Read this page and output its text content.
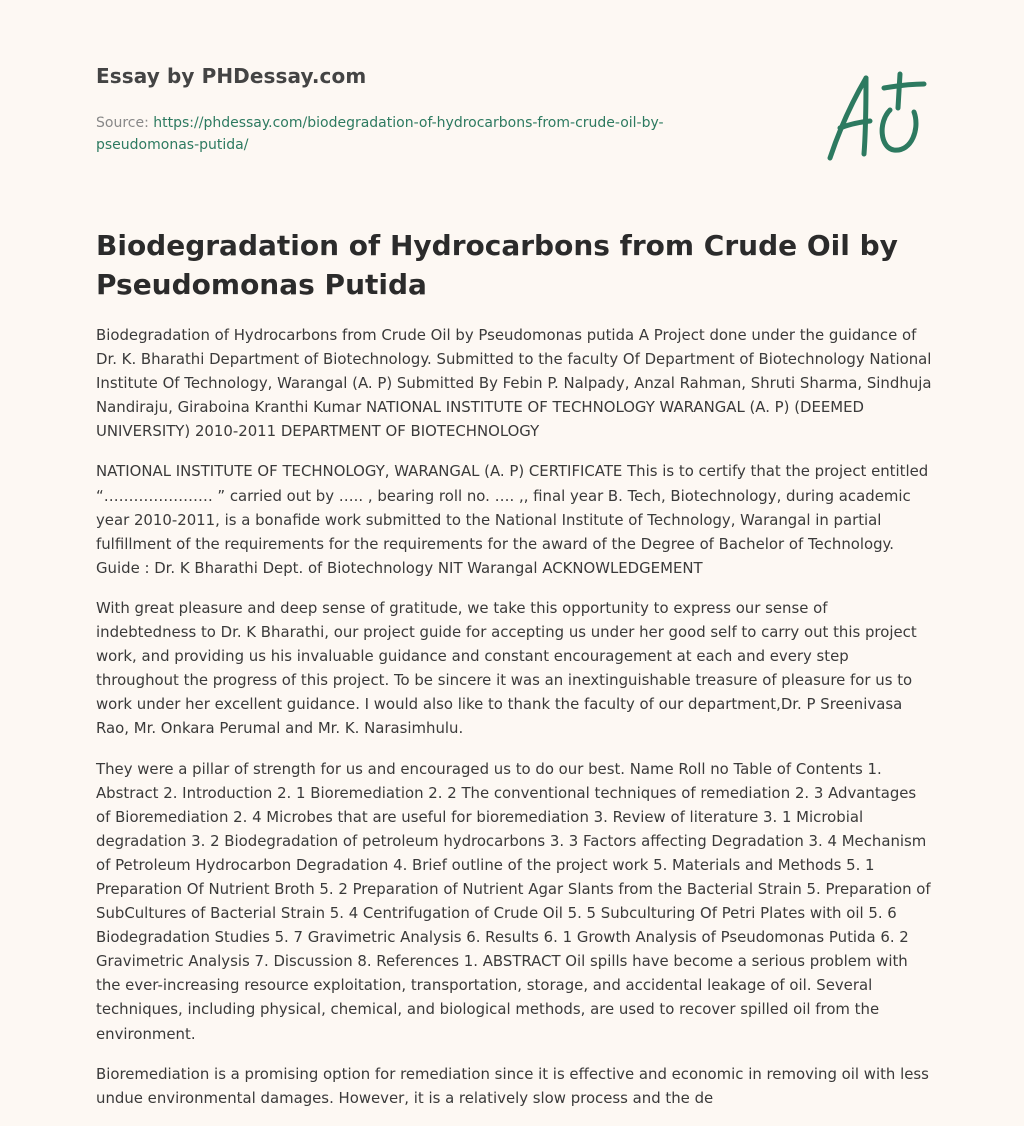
Essay by PHDessay.com

Source: https://phdessay.com/biodegradation-of-hydrocarbons-from-crude-oil-by-
pseudomonas-putida/
Biodegradation of Hydrocarbons from Crude Oil by Pseudomonas Putida

Biodegradation of Hydrocarbons from Crude Oil by Pseudomonas putida A Project done under the guidance of Dr. K. Bharathi Department of Biotechnology. Submitted to the faculty Of Department of Biotechnology National Institute Of Technology, Warangal (A. P) Submitted By Febin P. Nalpady, Anzal Rahman, Shruti Sharma, Sindhuja Nandiraju, Giraboina Kranthi Kumar NATIONAL INSTITUTE OF TECHNOLOGY WARANGAL (A. P) (DEEMED UNIVERSITY) 2010-2011 DEPARTMENT OF BIOTECHNOLOGY

NATIONAL INSTITUTE OF TECHNOLOGY, WARANGAL (A. P) CERTIFICATE This is to certify that the project entitled “…………………. ” carried out by ….. , bearing roll no. …. ,, final year B. Tech, Biotechnology, during academic year 2010-2011, is a bonafide work submitted to the National Institute of Technology, Warangal in partial fulfillment of the requirements for the requirements for the award of the Degree of Bachelor of Technology. Guide : Dr. K Bharathi Dept. of Biotechnology NIT Warangal ACKNOWLEDGEMENT

With great pleasure and deep sense of gratitude, we take this opportunity to express our sense of indebtedness to Dr. K Bharathi, our project guide for accepting us under her good self to carry out this project work, and providing us his invaluable guidance and constant encouragement at each and every step throughout the progress of this project. To be sincere it was an inextinguishable treasure of pleasure for us to work under her excellent guidance. I would also like to thank the faculty of our department,Dr. P Sreenivasa Rao, Mr. Onkara Perumal and Mr. K. Narasimhulu.

They were a pillar of strength for us and encouraged us to do our best. Name Roll no Table of Contents 1. Abstract 2. Introduction 2. 1 Bioremediation 2. 2 The conventional techniques of remediation 2. 3 Advantages of Bioremediation 2. 4 Microbes that are useful for bioremediation 3. Review of literature 3. 1 Microbial degradation 3. 2 Biodegradation of petroleum hydrocarbons 3. 3 Factors affecting Degradation 3. 4 Mechanism of Petroleum Hydrocarbon Degradation 4. Brief outline of the project work 5. Materials and Methods 5. 1 Preparation Of Nutrient Broth 5. 2 Preparation of Nutrient Agar Slants from the Bacterial Strain 5. Preparation of SubCultures of Bacterial Strain 5. 4 Centrifugation of Crude Oil 5. 5 Subculturing Of Petri Plates with oil 5. 6 Biodegradation Studies 5. 7 Gravimetric Analysis 6. Results 6. 1 Growth Analysis of Pseudomonas Putida 6. 2 Gravimetric Analysis 7. Discussion 8. References 1. ABSTRACT Oil spills have become a serious problem with the ever-increasing resource exploitation, transportation, storage, and accidental leakage of oil. Several techniques, including physical, chemical, and biological methods, are used to recover spilled oil from the environment.

Bioremediation is a promising option for remediation since it is effective and economic in removing oil with less undue environmental damages. However, it is a relatively slow process and the de
